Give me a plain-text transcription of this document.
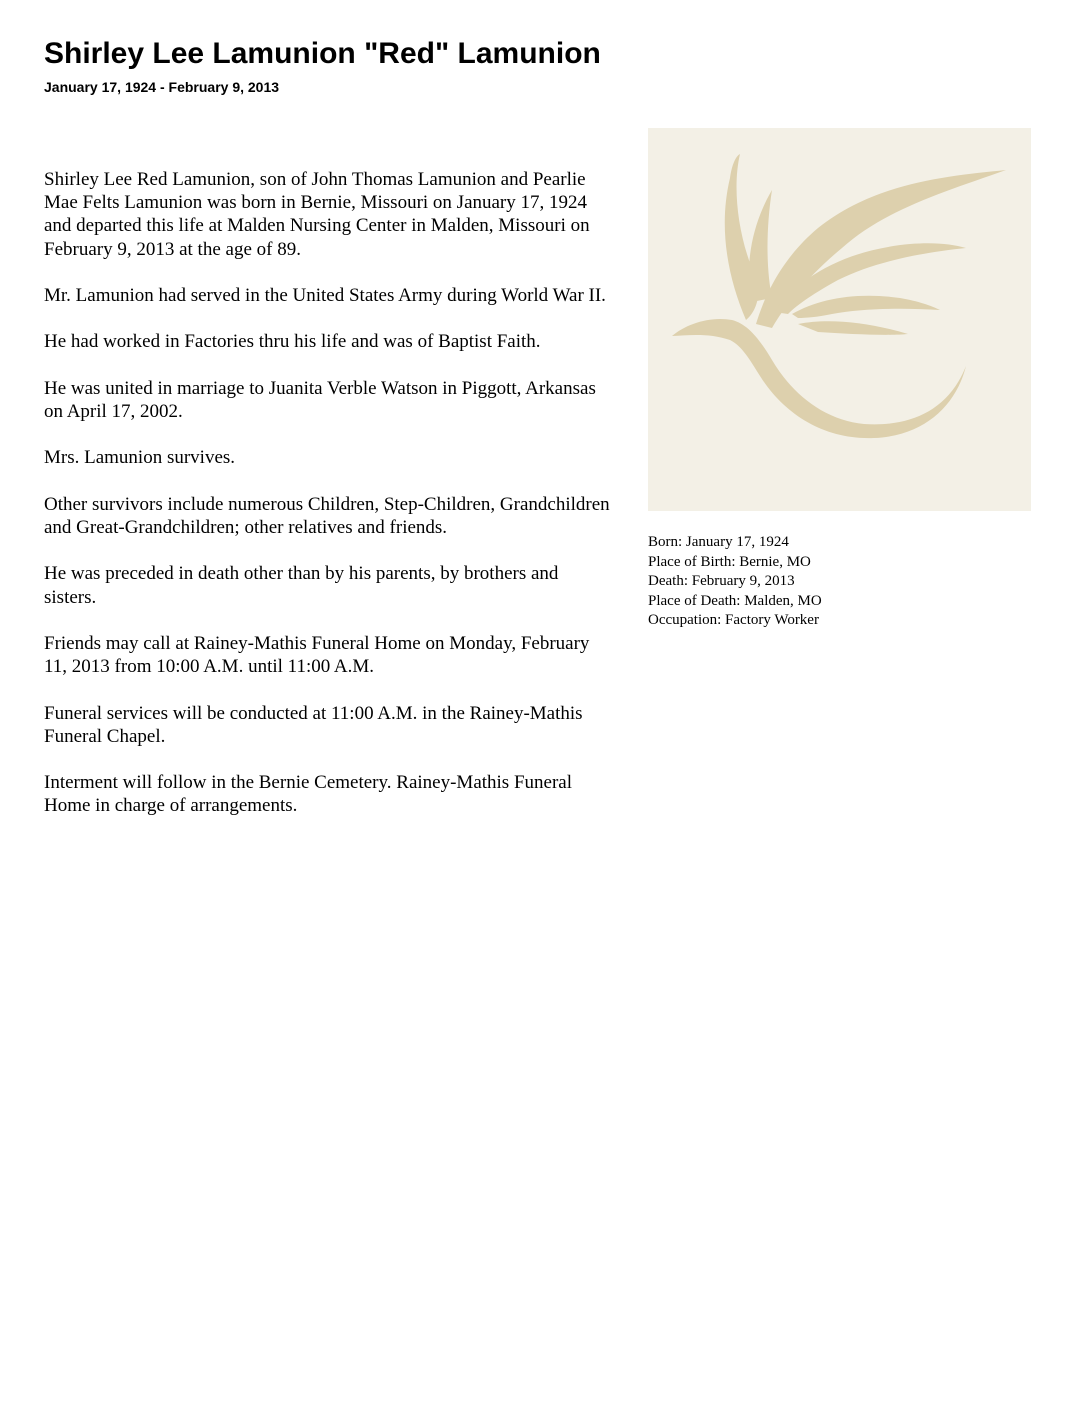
Shirley Lee Lamunion "Red" Lamunion
January 17, 1924 - February 9, 2013

Shirley Lee Red Lamunion, son of John Thomas Lamunion and Pearlie Mae Felts Lamunion was born in Bernie, Missouri on January 17, 1924 and departed this life at Malden Nursing Center in Malden, Missouri on February 9, 2013 at the age of 89.

Mr. Lamunion had served in the United States Army during World War II.

He had worked in Factories thru his life and was of Baptist Faith.

He was united in marriage to Juanita Verble Watson in Piggott, Arkansas on April 17, 2002.

Mrs. Lamunion survives.

Other survivors include numerous Children, Step-Children, Grandchildren and Great-Grandchildren; other relatives and friends.

He was preceded in death other than by his parents, by brothers and sisters.

Friends may call at Rainey-Mathis Funeral Home on Monday, February 11, 2013 from 10:00 A.M. until 11:00 A.M.

Funeral services will be conducted at 11:00 A.M. in the Rainey-Mathis Funeral Chapel.

Interment will follow in the Bernie Cemetery. Rainey-Mathis Funeral Home in charge of arrangements.

Born: January 17, 1924
Place of Birth: Bernie, MO
Death: February 9, 2013
Place of Death: Malden, MO
Occupation: Factory Worker
